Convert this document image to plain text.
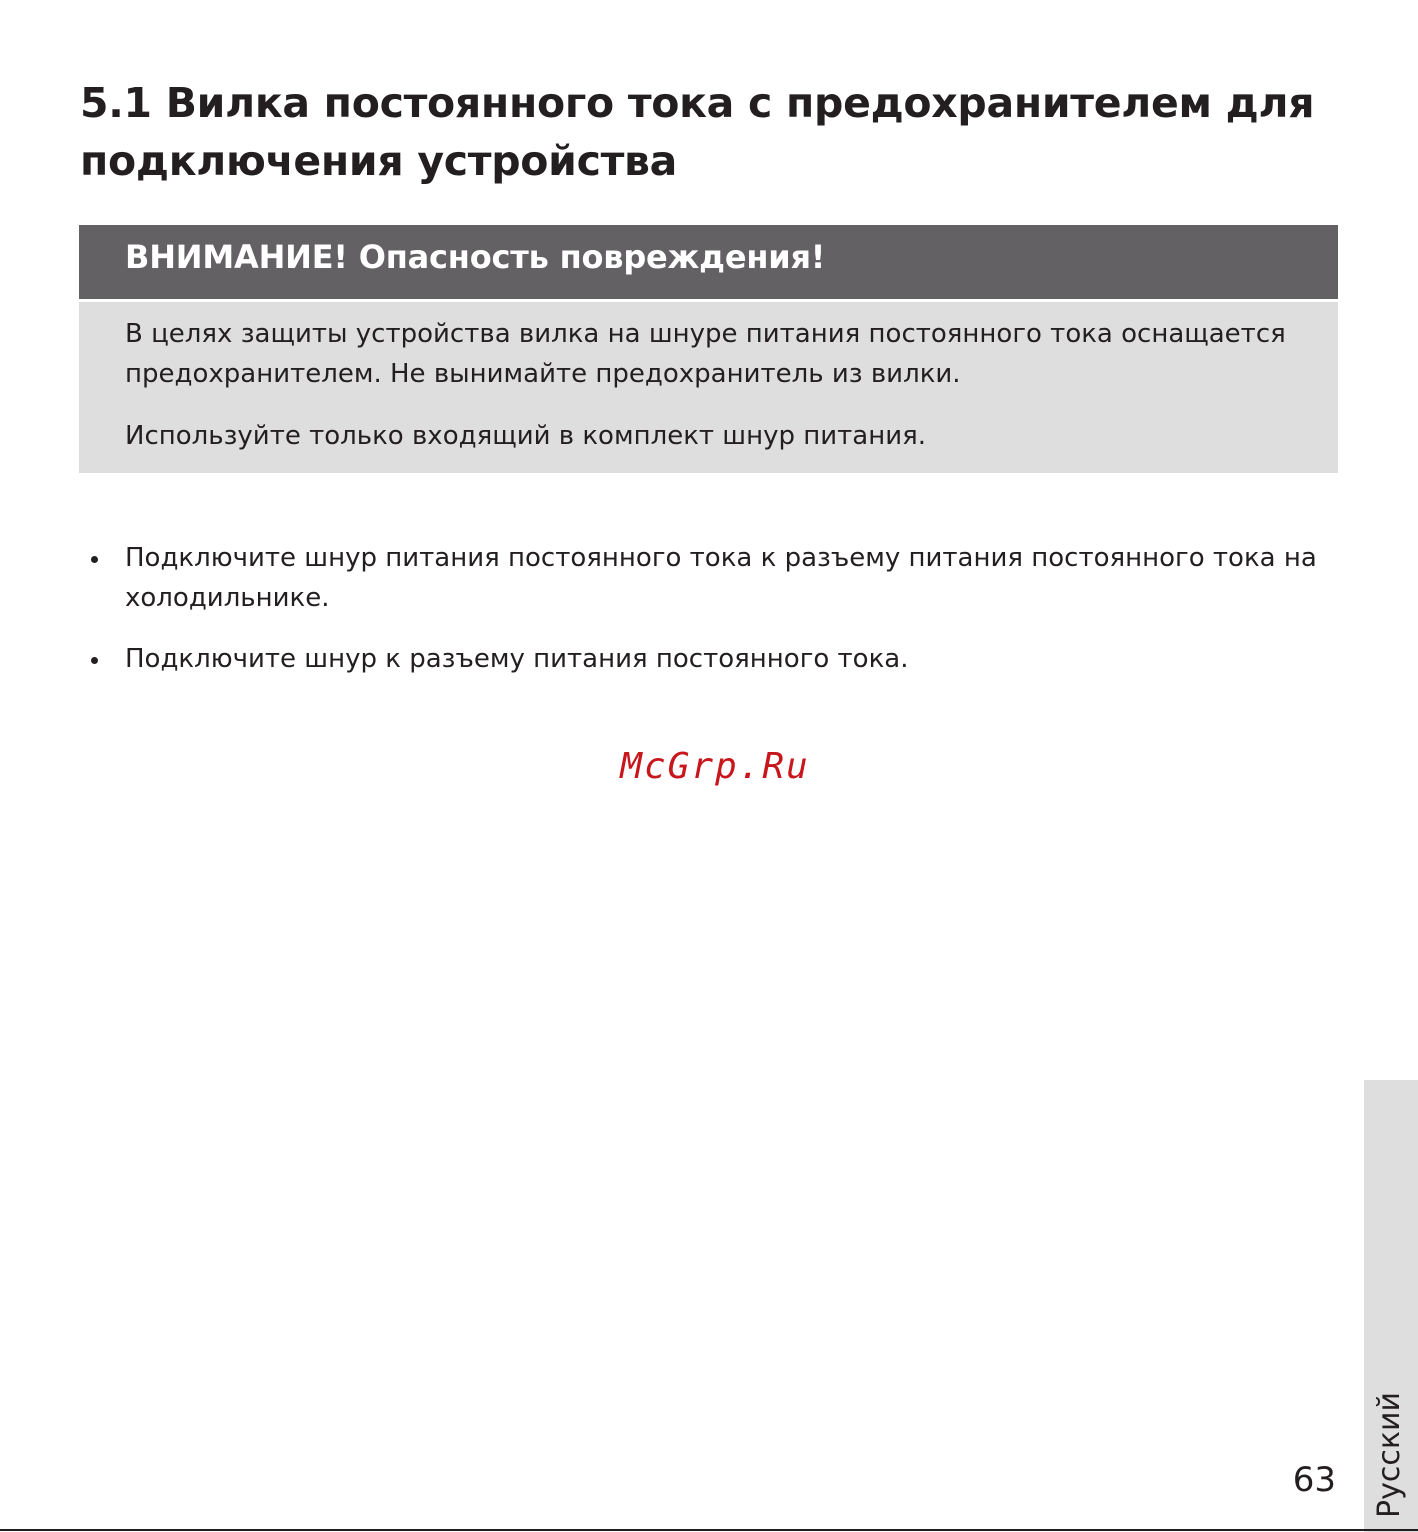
5.1 Вилка постоянного тока с предохранителем для подключения устройства
ВНИМАНИЕ! Опасность повреждения!

В целях защиты устройства вилка на шнуре питания постоянного тока оснащается предохранителем. Не вынимайте предохранитель из вилки.

Используйте только входящий в комплект шнур питания.

Подключите шнур питания постоянного тока к разъему питания постоянного тока на холодильнике.
Подключите шнур к разъему питания постоянного тока.
McGrp.Ru
Русский
63
